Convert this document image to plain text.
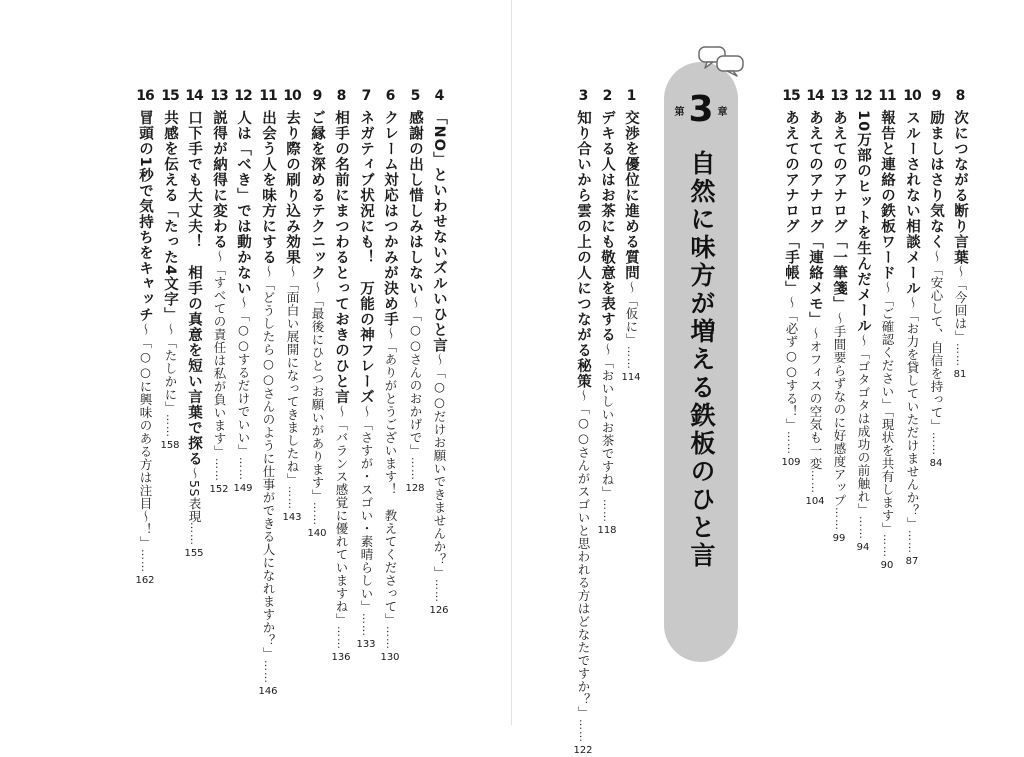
第 3 章
自然に味方が増える鉄板のひと言
4
「NO」といわせないズルいひと言
〜「○○だけお願いできませんか？」
……
126
5
感謝の出し惜しみはしない
〜「○○さんのおかげで」
……
128
6
クレーム対応はつかみが決め手
〜「ありがとうございます！　教えてくださって」
……
130
7
ネガティブ状況にも！　万能の神フレーズ
〜「さすが・スゴい・素晴らしい」
……
133
8
相手の名前にまつわるとっておきのひと言
〜「バランス感覚に優れていますね」
……
136
9
ご縁を深めるテクニック
〜「最後にひとつお願いがあります」
……
140
10
去り際の刷り込み効果
〜「面白い展開になってきましたね」
……
143
11
出会う人を味方にする
〜「どうしたら○○さんのように仕事ができる人になれますか？」
……
146
12
人は「べき」では動かない
〜「○○するだけでいい」
……
149
13
説得が納得に変わる
〜「すべての責任は私が負います」
……
152
14
口下手でも大丈夫！　相手の真意を短い言葉で探る
〜5S表現
……
155
15
共感を伝える「たった4文字」
〜「たしかに」
……
158
16
冒頭の1秒で気持ちをキャッチ
〜「○○に興味のある方は注目〜！」
……
162
8
次につながる断り言葉
〜「今回は」
……
81
9
励ましはさり気なく
〜「安心して、自信を持って」
……
84
10
スルーされない相談メール
〜「お力を貸していただけませんか？」
……
87
11
報告と連絡の鉄板ワード
〜「ご確認ください」「現状を共有します」
……
90
12
10万部のヒットを生んだメール
〜「ゴタゴタは成功の前触れ」
……
94
13
あえてのアナログ「一筆箋」
〜手間要らずなのに好感度アップ
……
99
14
あえてのアナログ「連絡メモ」
〜オフィスの空気も一変
……
104
15
あえてのアナログ「手帳」
〜「必ず○○する！」
……
109
1
交渉を優位に進める質問
〜「仮に」
……
114
2
デキる人はお茶にも敬意を表する
〜「おいしいお茶ですね」
……
118
3
知り合いから雲の上の人につながる秘策
〜「○○さんがスゴいと思われる方はどなたですか？」
……
122
